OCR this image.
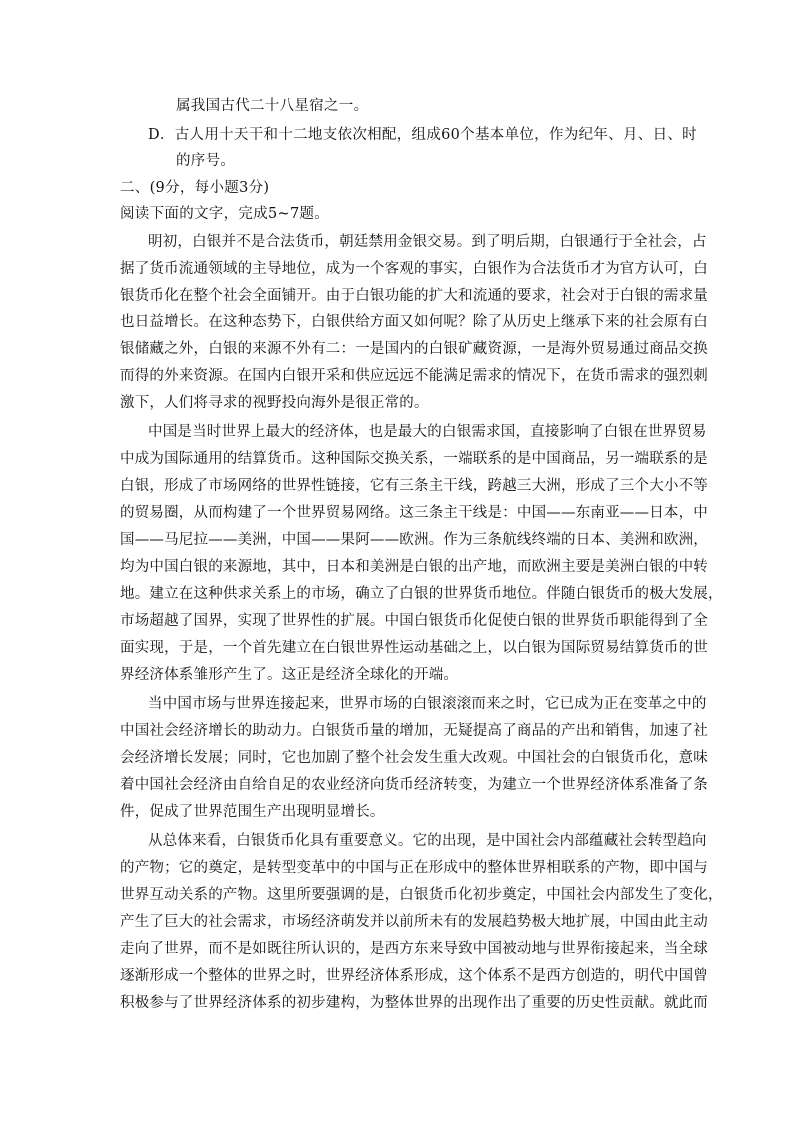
属我国古代二十八星宿之一。
D．古人用十天干和十二地支依次相配，组成60个基本单位，作为纪年、月、日、时
的序号。
二、(9分，每小题3分)
阅读下面的文字，完成5~7题。
明初，白银并不是合法货币，朝廷禁用金银交易。到了明后期，白银通行于全社会，占
据了货币流通领域的主导地位，成为一个客观的事实，白银作为合法货币才为官方认可，白
银货币化在整个社会全面铺开。由于白银功能的扩大和流通的要求，社会对于白银的需求量
也日益增长。在这种态势下，白银供给方面又如何呢？除了从历史上继承下来的社会原有白
银储藏之外，白银的来源不外有二：一是国内的白银矿藏资源，一是海外贸易通过商品交换
而得的外来资源。在国内白银开采和供应远远不能满足需求的情况下，在货币需求的强烈刺
激下，人们将寻求的视野投向海外是很正常的。
中国是当时世界上最大的经济体，也是最大的白银需求国，直接影响了白银在世界贸易
中成为国际通用的结算货币。这种国际交换关系，一端联系的是中国商品，另一端联系的是
白银，形成了市场网络的世界性链接，它有三条主干线，跨越三大洲，形成了三个大小不等
的贸易圈，从而构建了一个世界贸易网络。这三条主干线是：中国——东南亚——日本，中
国——马尼拉——美洲，中国——果阿——欧洲。作为三条航线终端的日本、美洲和欧洲，
均为中国白银的来源地，其中，日本和美洲是白银的出产地，而欧洲主要是美洲白银的中转
地。建立在这种供求关系上的市场，确立了白银的世界货币地位。伴随白银货币的极大发展，
市场超越了国界，实现了世界性的扩展。中国白银货币化促使白银的世界货币职能得到了全
面实现，于是，一个首先建立在白银世界性运动基础之上，以白银为国际贸易结算货币的世
界经济体系雏形产生了。这正是经济全球化的开端。
当中国市场与世界连接起来，世界市场的白银滚滚而来之时，它已成为正在变革之中的
中国社会经济增长的助动力。白银货币量的增加，无疑提高了商品的产出和销售，加速了社
会经济增长发展；同时，它也加剧了整个社会发生重大改观。中国社会的白银货币化，意味
着中国社会经济由自给自足的农业经济向货币经济转变，为建立一个世界经济体系准备了条
件，促成了世界范围生产出现明显增长。
从总体来看，白银货币化具有重要意义。它的出现，是中国社会内部蕴藏社会转型趋向
的产物；它的奠定，是转型变革中的中国与正在形成中的整体世界相联系的产物，即中国与
世界互动关系的产物。这里所要强调的是，白银货币化初步奠定，中国社会内部发生了变化，
产生了巨大的社会需求，市场经济萌发并以前所未有的发展趋势极大地扩展，中国由此主动
走向了世界，而不是如既往所认识的，是西方东来导致中国被动地与世界衔接起来，当全球
逐渐形成一个整体的世界之时，世界经济体系形成，这个体系不是西方创造的，明代中国曾
积极参与了世界经济体系的初步建构，为整体世界的出现作出了重要的历史性贡献。就此而
